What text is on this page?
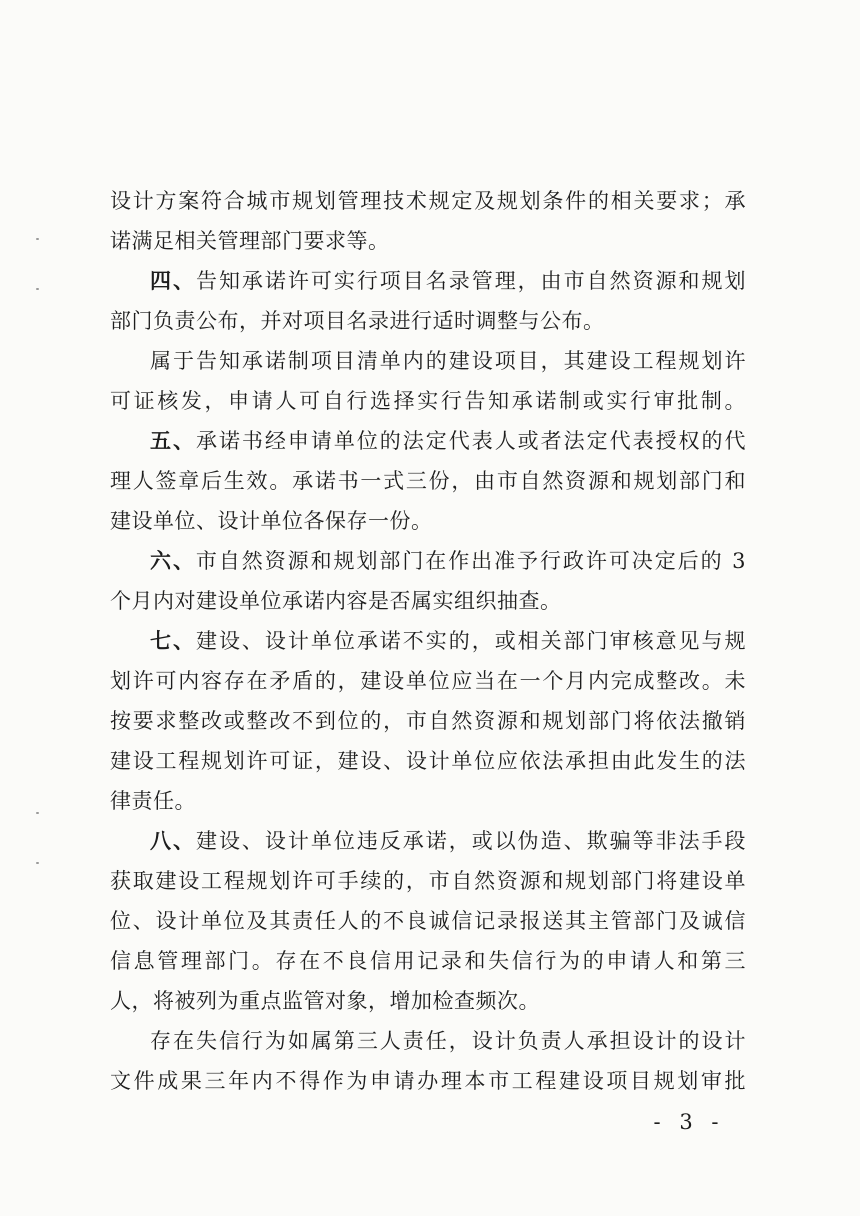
设计方案符合城市规划管理技术规定及规划条件的相关要求；承
诺满足相关管理部门要求等。
四、告知承诺许可实行项目名录管理，由市自然资源和规划
部门负责公布，并对项目名录进行适时调整与公布。
属于告知承诺制项目清单内的建设项目，其建设工程规划许
可证核发，申请人可自行选择实行告知承诺制或实行审批制。
五、承诺书经申请单位的法定代表人或者法定代表授权的代
理人签章后生效。承诺书一式三份，由市自然资源和规划部门和
建设单位、设计单位各保存一份。
六、市自然资源和规划部门在作出准予行政许可决定后的 3
个月内对建设单位承诺内容是否属实组织抽查。
七、建设、设计单位承诺不实的，或相关部门审核意见与规
划许可内容存在矛盾的，建设单位应当在一个月内完成整改。未
按要求整改或整改不到位的，市自然资源和规划部门将依法撤销
建设工程规划许可证，建设、设计单位应依法承担由此发生的法
律责任。
八、建设、设计单位违反承诺，或以伪造、欺骗等非法手段
获取建设工程规划许可手续的，市自然资源和规划部门将建设单
位、设计单位及其责任人的不良诚信记录报送其主管部门及诚信
信息管理部门。存在不良信用记录和失信行为的申请人和第三
人，将被列为重点监管对象，增加检查频次。
存在失信行为如属第三人责任，设计负责人承担设计的设计
文件成果三年内不得作为申请办理本市工程建设项目规划审批
- 3 -
